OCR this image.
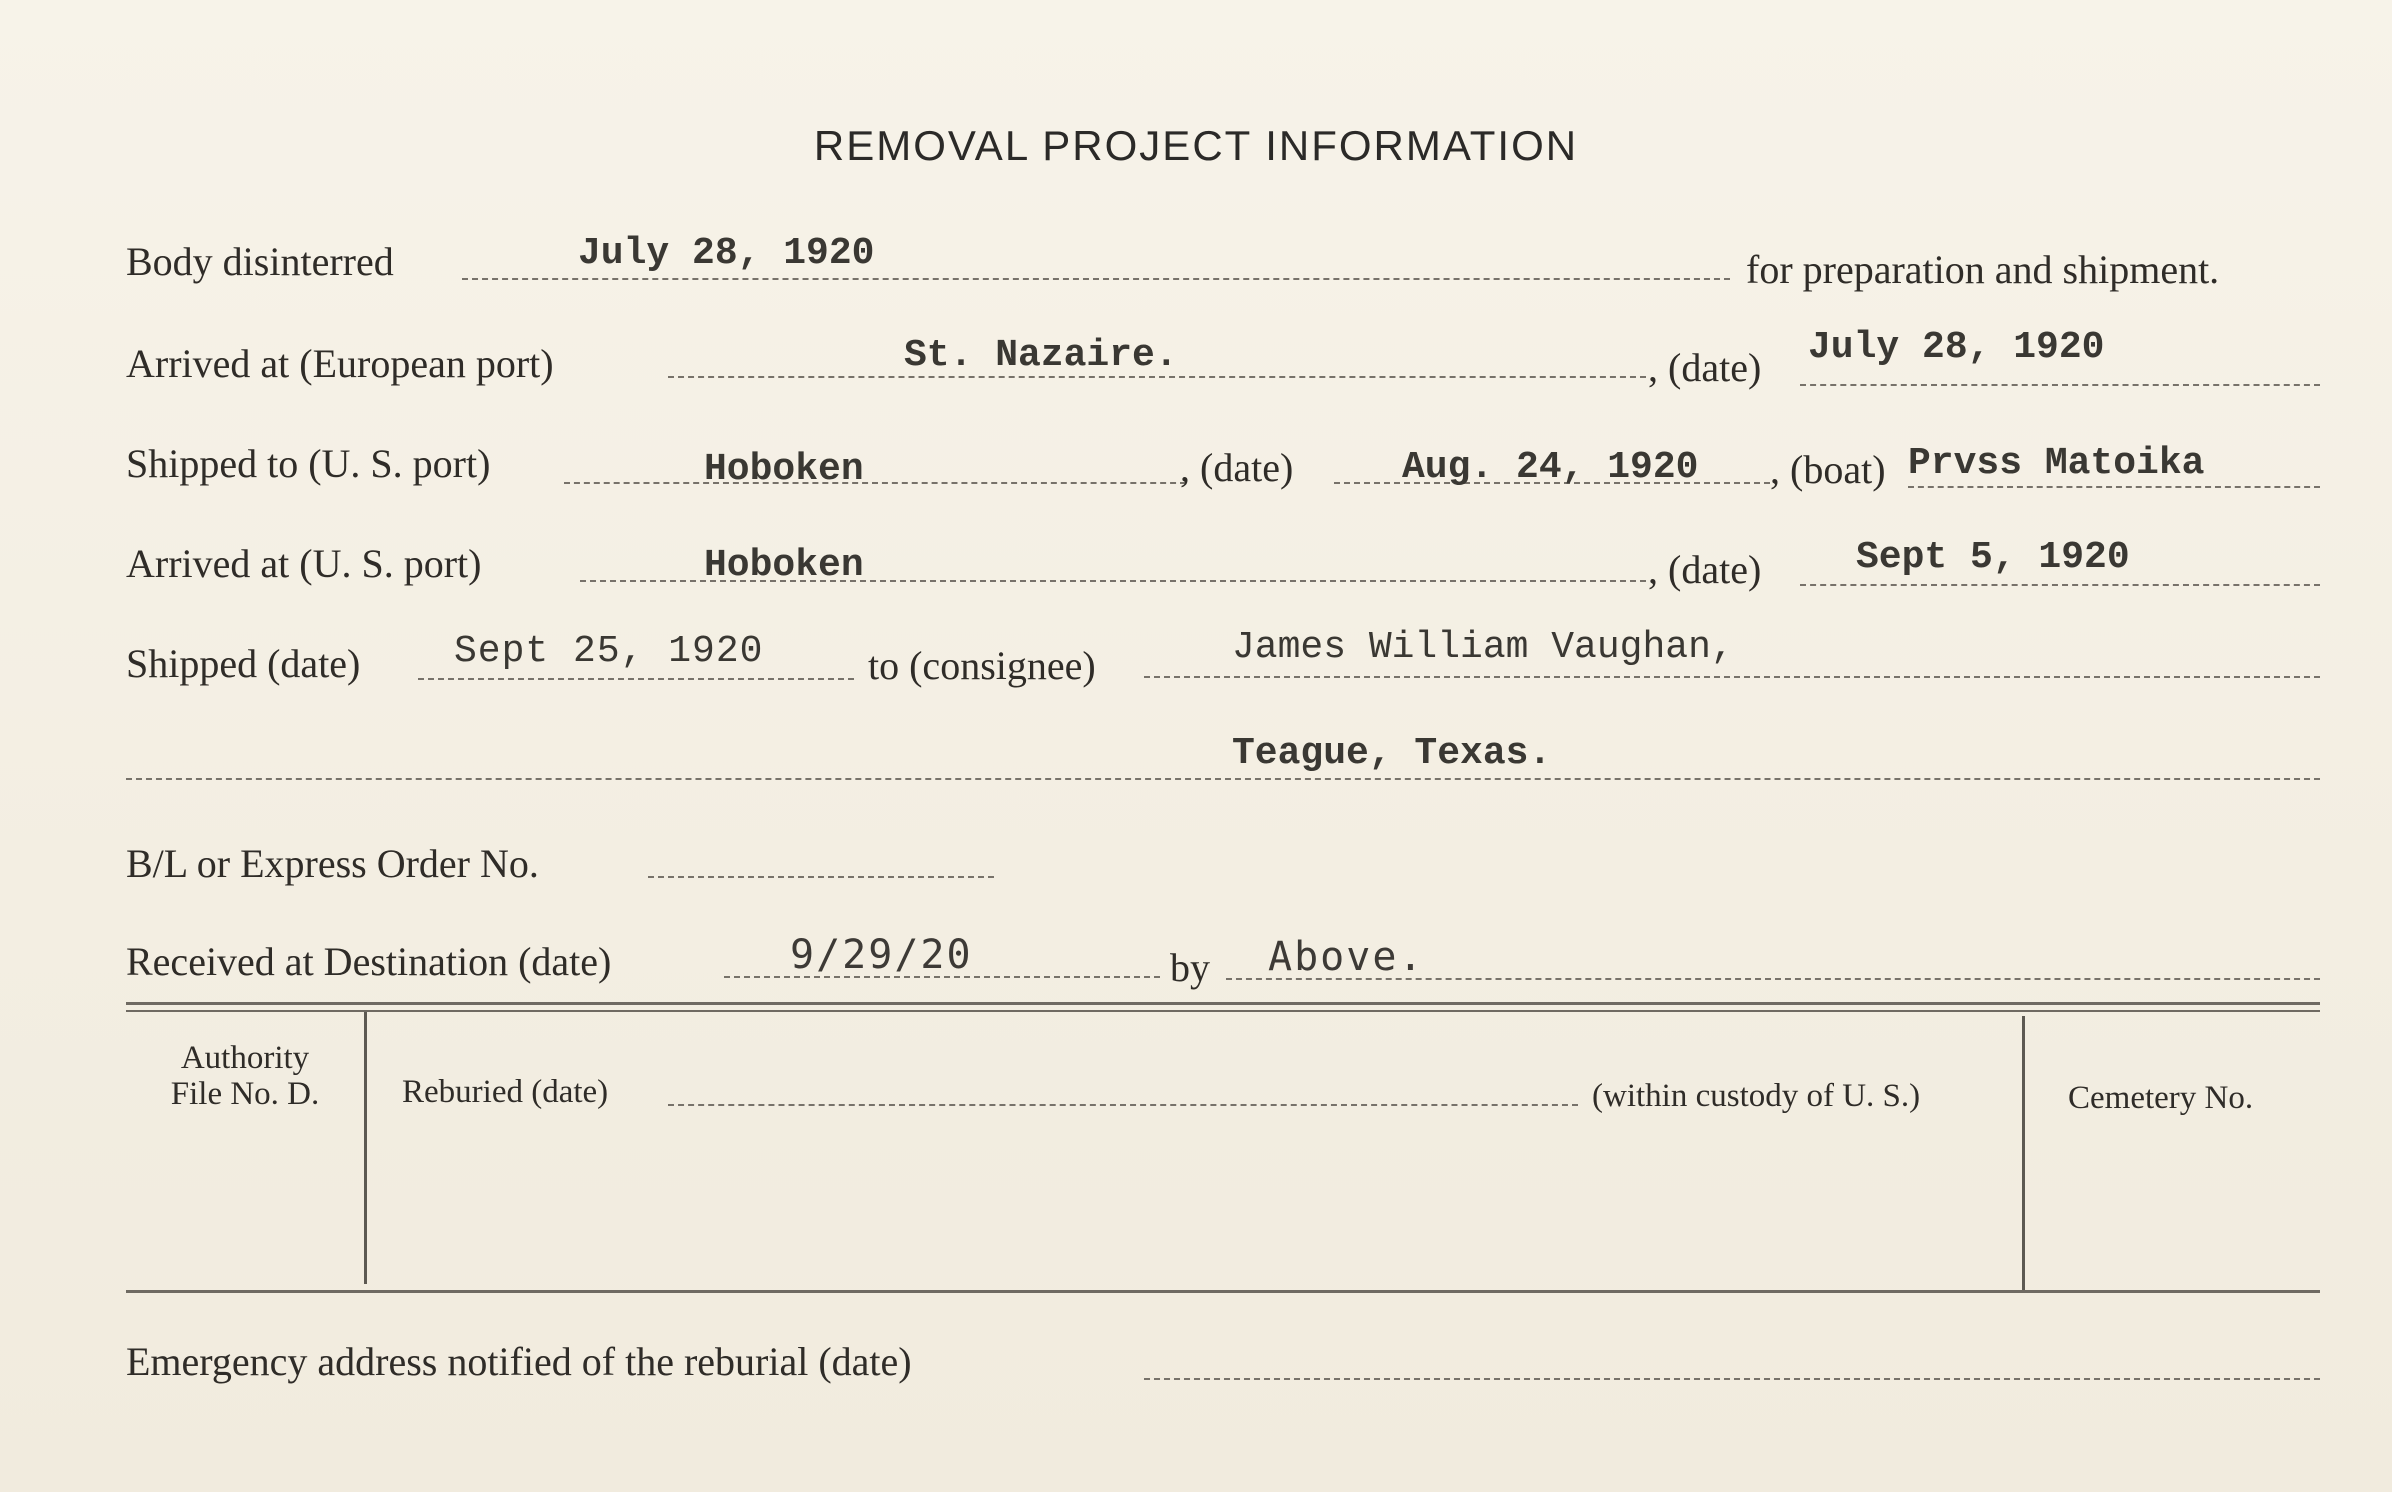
REMOVAL PROJECT INFORMATION
Body disinterred	July 28, 1920	for preparation and shipment.
Arrived at (European port)	St. Nazaire.	, (date) July 28, 1920
Shipped to (U. S. port)	Hoboken	, (date)	Aug. 24, 1920 , (boat) Prvss Matoika
Arrived at (U. S. port)	Hoboken	, (date) Sept 5, 1920
Shipped (date) Sept 25, 1920	to (consignee)	James William Vaughan,
Teague, Texas.
B/L or Express Order No.
Received at Destination (date)	9/29/20	by Above.
Authority
File No. D.	Reburied (date)	(within custody of U. S.)	Cemetery No.
Emergency address notified of the reburial (date)
